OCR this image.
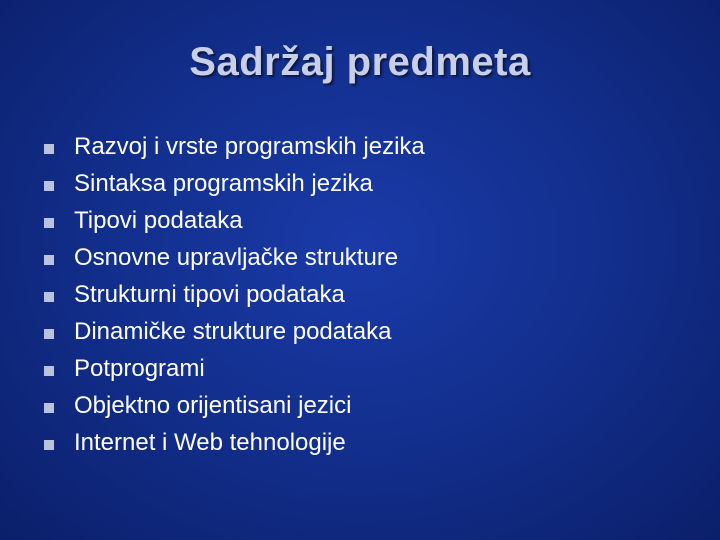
Sadržaj predmeta
Razvoj i vrste programskih jezika
Sintaksa programskih jezika
Tipovi podataka
Osnovne upravljačke strukture
Strukturni tipovi podataka
Dinamičke strukture podataka
Potprogrami
Objektno orijentisani jezici
Internet i Web tehnologije
